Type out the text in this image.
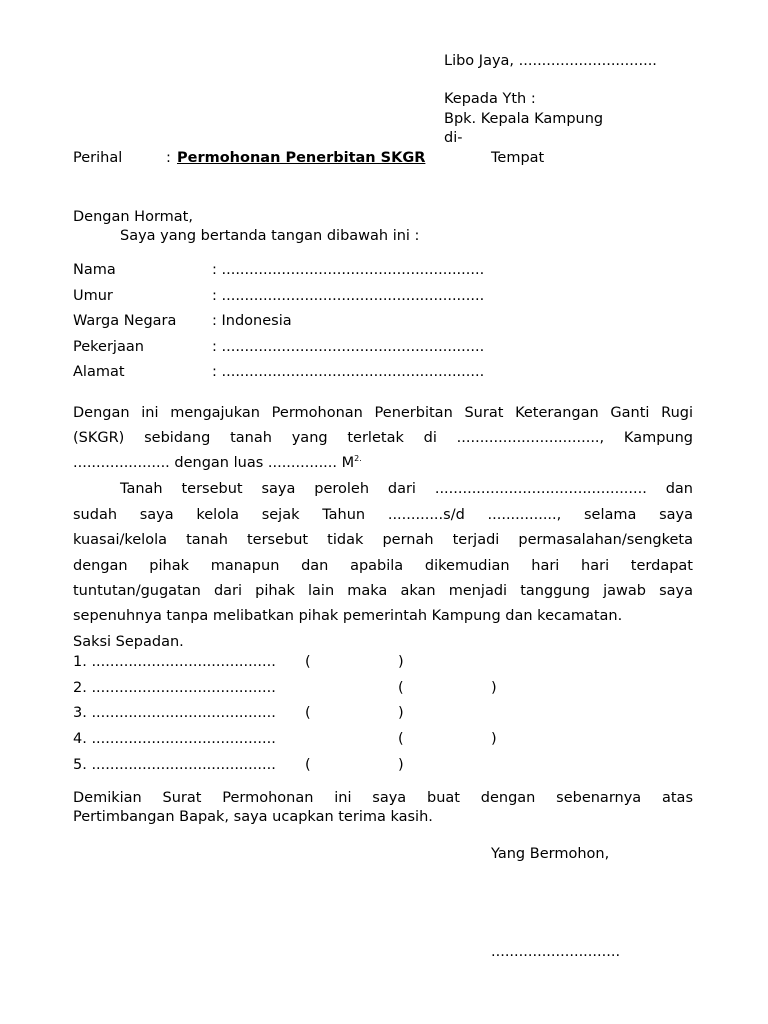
Libo Jaya, ..............................
Kepada Yth :
Bpk. Kepala Kampung
di-
Perihal	: Permohonan Penerbitan SKGR	Tempat
Dengan Hormat,
Saya yang bertanda tangan dibawah ini :
Nama	: .........................................................
Umur	: .........................................................
Warga Negara : Indonesia
Pekerjaan	: .........................................................
Alamat	: .........................................................
Dengan ini mengajukan Permohonan Penerbitan Surat Keterangan Ganti Rugi
(SKGR) sebidang tanah yang terletak di ..............................., Kampung
..................... dengan luas ............... $M^{2.}$
Tanah tersebut saya peroleh dari .............................................. dan
sudah saya kelola sejak Tahun ............s/d ..............., selama saya
kuasai/kelola tanah tersebut tidak pernah terjadi permasalahan/sengketa
dengan pihak manapun dan apabila dikemudian hari hari terdapat
tuntutan/gugatan dari pihak lain maka akan menjadi tanggung jawab saya
sepenuhnya tanpa melibatkan pihak pemerintah Kampung dan kecamatan.
Saksi Sepadan.
1. ........................................ (	)
2. ........................................	(	)
3. ........................................ (	)
4. ........................................	(	)
5. ........................................ (	)
Demikian Surat Permohonan ini saya buat dengan sebenarnya atas
Pertimbangan Bapak, saya ucapkan terima kasih.
Yang Bermohon,
............................
